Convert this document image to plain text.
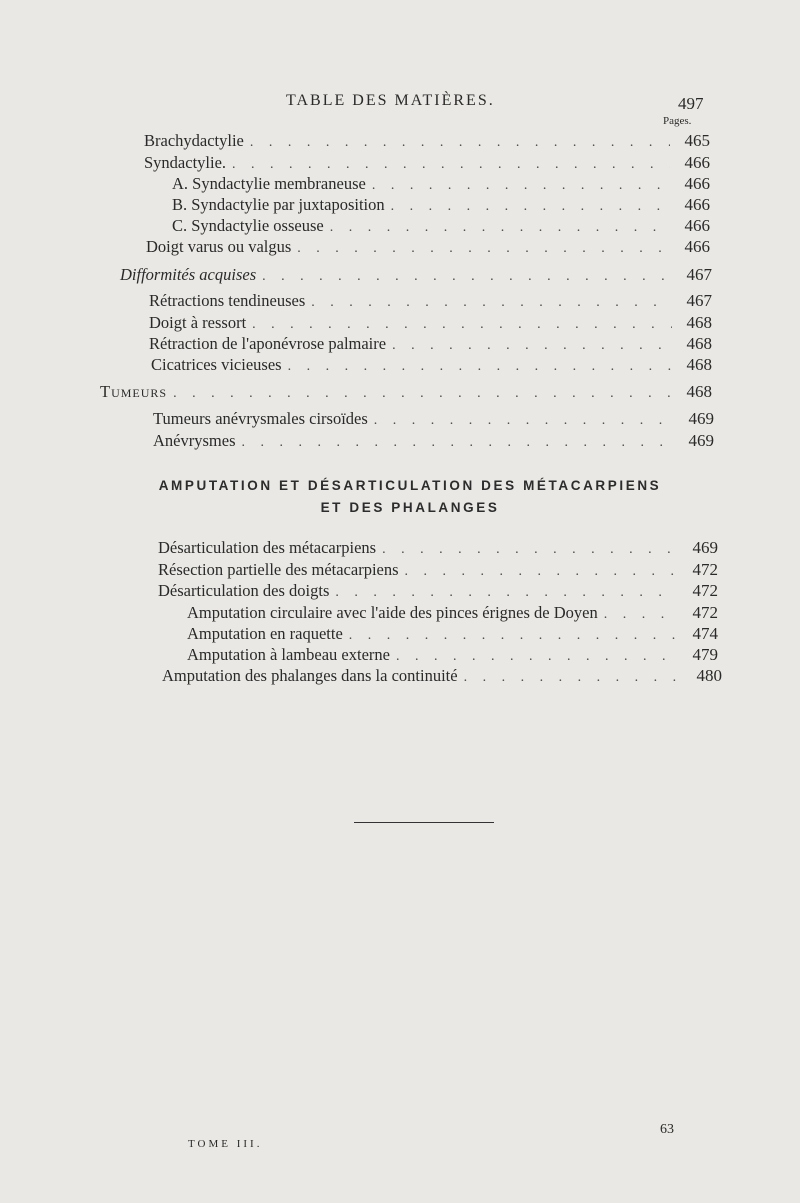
TABLE DES MATIÈRES.	497
Pages.
Brachydactylie . . .	465
Syndactylie. . . .	466
A. Syndactylie membraneuse . . .	466
B. Syndactylie par juxtaposition . . .	466
C. Syndactylie osseuse . . .	466
Doigt varus ou valgus . . .	466
Difformités acquises . . .	467
Rétractions tendineuses . . .	467
Doigt à ressort . . .	468
Rétraction de l'aponévrose palmaire . . .	468
Cicatrices vicieuses . . .	468
Tumeurs . . .	468
Tumeurs anévrysmales cirsoïdes . . .	469
Anévrysmes . . .	469
AMPUTATION ET DÉSARTICULATION DES MÉTACARPIENS
ET DES PHALANGES
Désarticulation des métacarpiens . . .	469
Résection partielle des métacarpiens . . .	472
Désarticulation des doigts . . .	472
Amputation circulaire avec l'aide des pinces érignes de Doyen . . .	472
Amputation en raquette . . .	474
Amputation à lambeau externe . . .	479
Amputation des phalanges dans la continuité . . .	480
63
TOME III.
